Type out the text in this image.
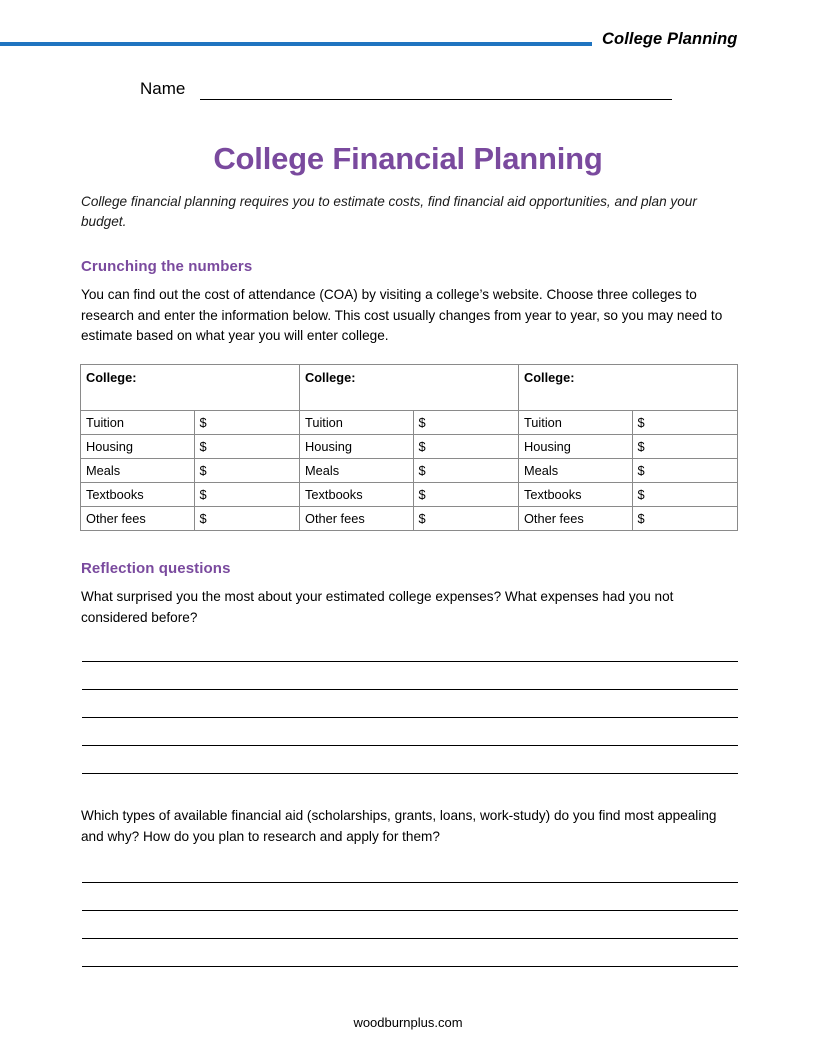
College Planning
Name
College Financial Planning
College financial planning requires you to estimate costs, find financial aid opportunities, and plan your budget.
Crunching the numbers
You can find out the cost of attendance (COA) by visiting a college’s website. Choose three colleges to research and enter the information below. This cost usually changes from year to year, so you may need to estimate based on what year you will enter college.
College:		College:		College:	
Tuition	$	Tuition	$	Tuition	$
Housing	$	Housing	$	Housing	$
Meals	$	Meals	$	Meals	$
Textbooks	$	Textbooks	$	Textbooks	$
Other fees	$	Other fees	$	Other fees	$
Reflection questions
What surprised you the most about your estimated college expenses? What expenses had you not considered before?
Which types of available financial aid (scholarships, grants, loans, work-study) do you find most appealing and why? How do you plan to research and apply for them?
woodburnplus.com
